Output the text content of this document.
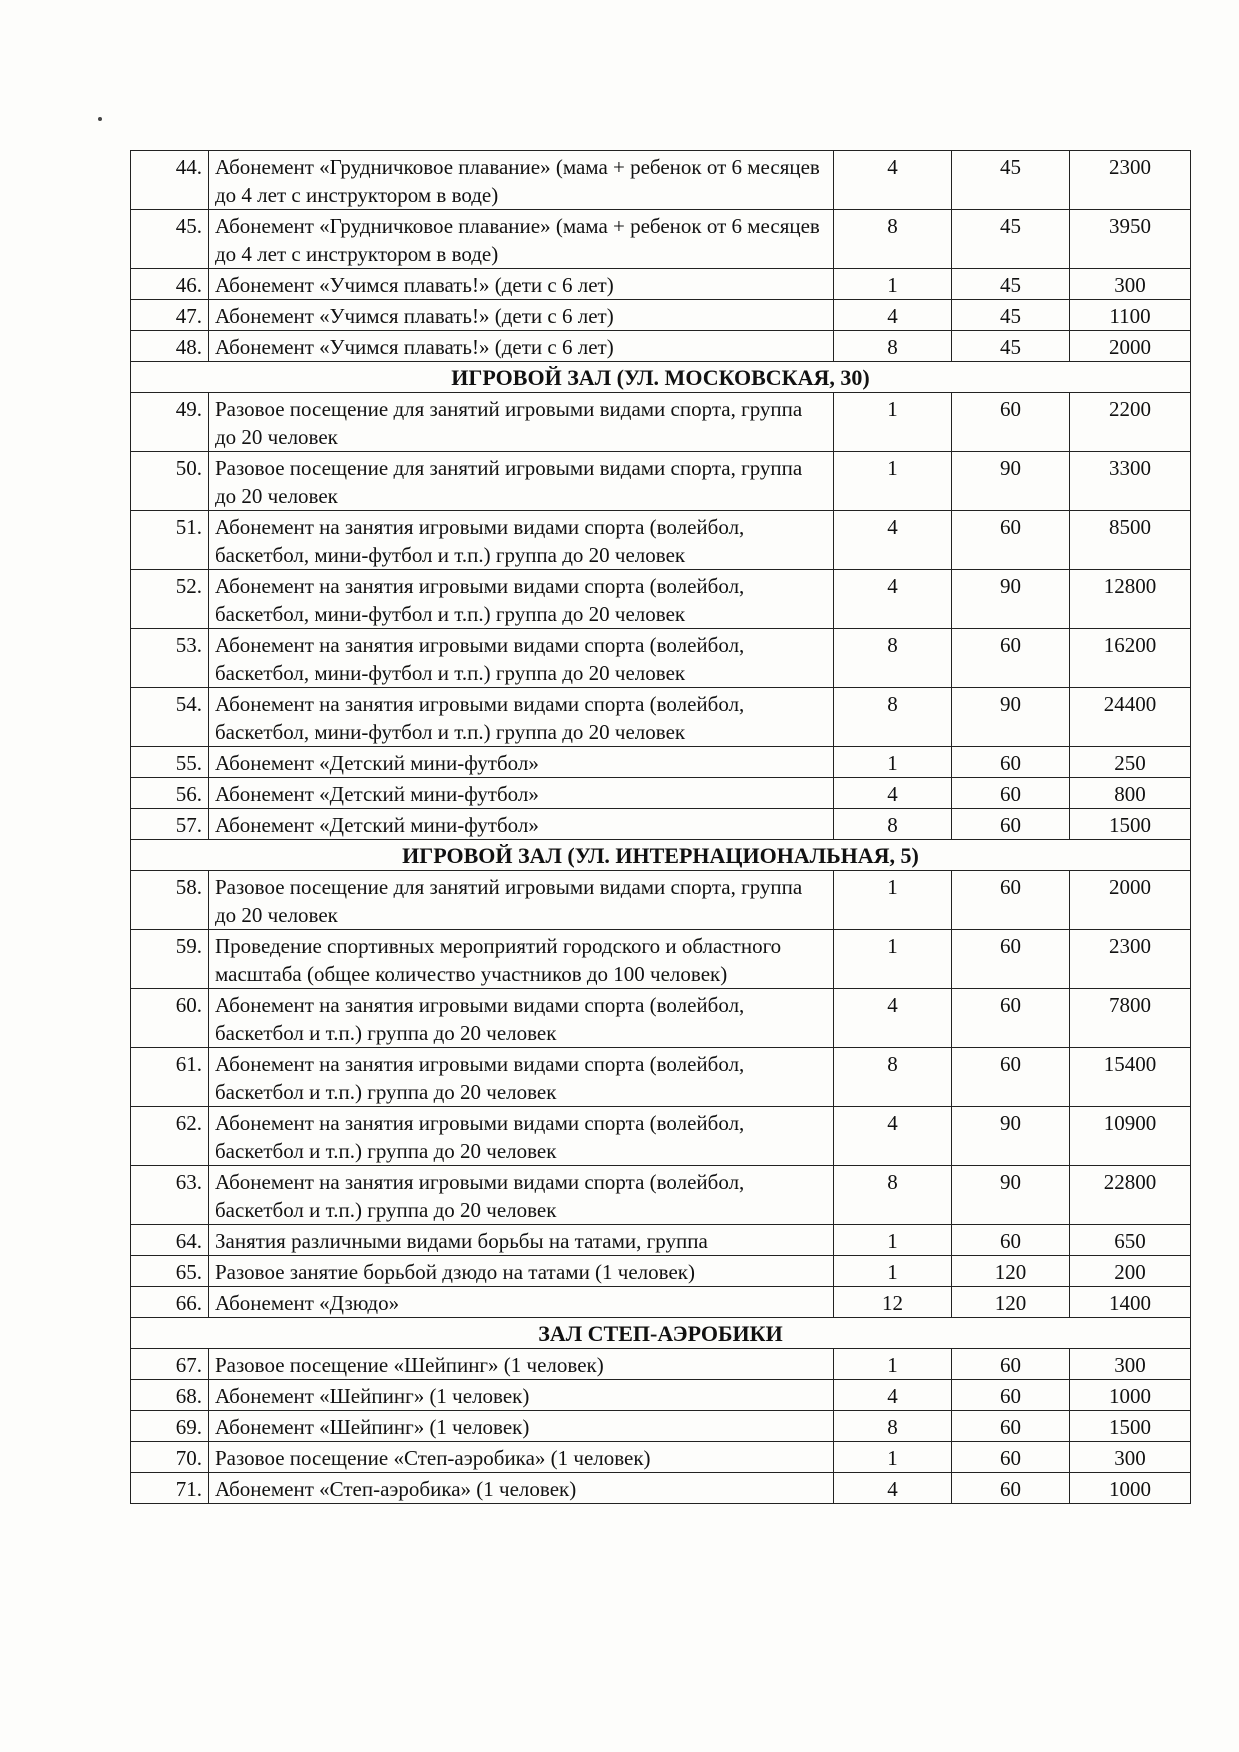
44.	Абонемент «Грудничковое плавание» (мама + ребенок от 6 месяцев до 4 лет с инструктором в воде)	4	45	2300
45.	Абонемент «Грудничковое плавание» (мама + ребенок от 6 месяцев до 4 лет с инструктором в воде)	8	45	3950
46.	Абонемент «Учимся плавать!» (дети с 6 лет)	1	45	300
47.	Абонемент «Учимся плавать!» (дети с 6 лет)	4	45	1100
48.	Абонемент «Учимся плавать!» (дети с 6 лет)	8	45	2000
ИГРОВОЙ ЗАЛ (УЛ. МОСКОВСКАЯ, 30)				
49.	Разовое посещение для занятий игровыми видами спорта, группа до 20 человек	1	60	2200
50.	Разовое посещение для занятий игровыми видами спорта, группа до 20 человек	1	90	3300
51.	Абонемент на занятия игровыми видами спорта (волейбол, баскетбол, мини-футбол и т.п.) группа до 20 человек	4	60	8500
52.	Абонемент на занятия игровыми видами спорта (волейбол, баскетбол, мини-футбол и т.п.) группа до 20 человек	4	90	12800
53.	Абонемент на занятия игровыми видами спорта (волейбол, баскетбол, мини-футбол и т.п.) группа до 20 человек	8	60	16200
54.	Абонемент на занятия игровыми видами спорта (волейбол, баскетбол, мини-футбол и т.п.) группа до 20 человек	8	90	24400
55.	Абонемент «Детский мини-футбол»	1	60	250
56.	Абонемент «Детский мини-футбол»	4	60	800
57.	Абонемент «Детский мини-футбол»	8	60	1500
ИГРОВОЙ ЗАЛ (УЛ. ИНТЕРНАЦИОНАЛЬНАЯ, 5)				
58.	Разовое посещение для занятий игровыми видами спорта, группа до 20 человек	1	60	2000
59.	Проведение спортивных мероприятий городского и областного масштаба (общее количество участников до 100 человек)	1	60	2300
60.	Абонемент на занятия игровыми видами спорта (волейбол, баскетбол и т.п.) группа до 20 человек	4	60	7800
61.	Абонемент на занятия игровыми видами спорта (волейбол, баскетбол и т.п.) группа до 20 человек	8	60	15400
62.	Абонемент на занятия игровыми видами спорта (волейбол, баскетбол и т.п.) группа до 20 человек	4	90	10900
63.	Абонемент на занятия игровыми видами спорта (волейбол, баскетбол и т.п.) группа до 20 человек	8	90	22800
64.	Занятия различными видами борьбы на татами, группа	1	60	650
65.	Разовое занятие борьбой дзюдо на татами (1 человек)	1	120	200
66.	Абонемент «Дзюдо»	12	120	1400
ЗАЛ СТЕП-АЭРОБИКИ				
67.	Разовое посещение «Шейпинг» (1 человек)	1	60	300
68.	Абонемент «Шейпинг» (1 человек)	4	60	1000
69.	Абонемент «Шейпинг» (1 человек)	8	60	1500
70.	Разовое посещение «Степ-аэробика» (1 человек)	1	60	300
71.	Абонемент «Степ-аэробика» (1 человек)	4	60	1000
